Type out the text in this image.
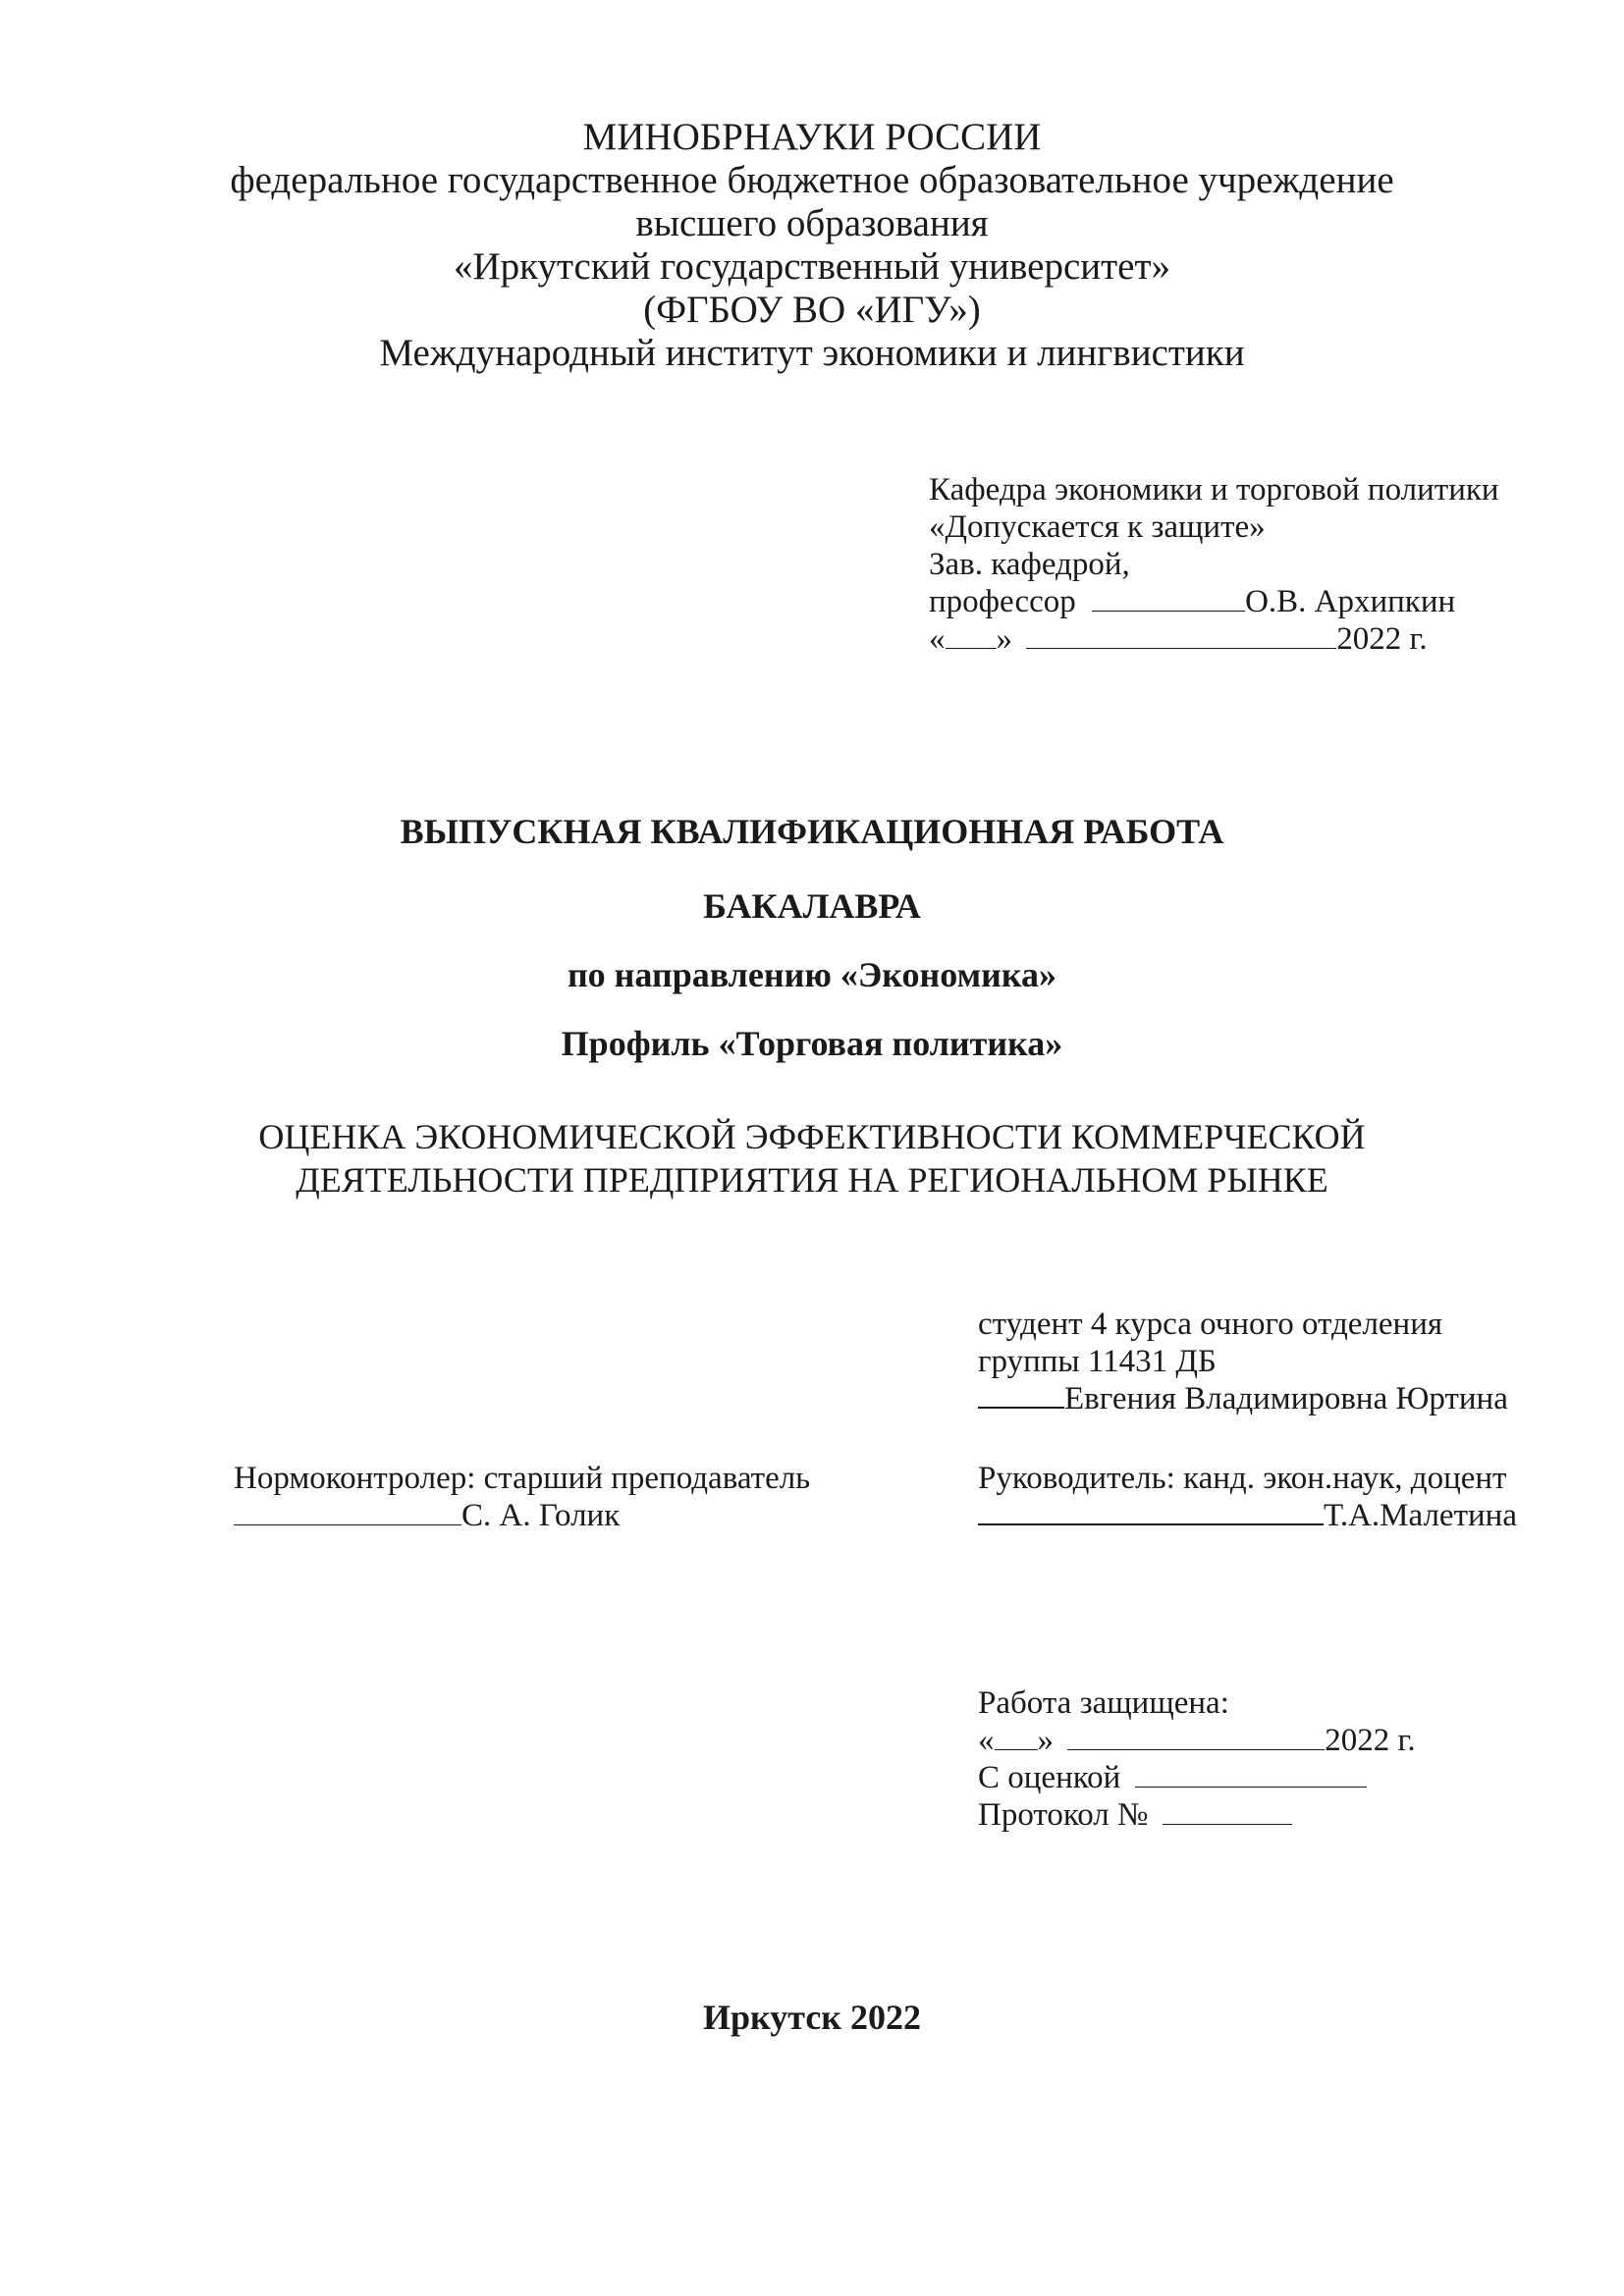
МИНОБРНАУКИ РОССИИ
федеральное государственное бюджетное образовательное учреждение
высшего образования
«Иркутский государственный университет»
(ФГБОУ ВО «ИГУ»)
Международный институт экономики и лингвистики
Кафедра экономики и торговой политики
«Допускается к защите»
Зав. кафедрой,
профессор	О.В. Архипкин
« »	2022 г.
ВЫПУСКНАЯ КВАЛИФИКАЦИОННАЯ РАБОТА
БАКАЛАВРА
по направлению «Экономика»
Профиль «Торговая политика»
ОЦЕНКА ЭКОНОМИЧЕСКОЙ ЭФФЕКТИВНОСТИ КОММЕРЧЕСКОЙ
ДЕЯТЕЛЬНОСТИ ПРЕДПРИЯТИЯ НА РЕГИОНАЛЬНОМ РЫНКЕ
студент 4 курса очного отделения
группы 11431 ДБ
Евгения Владимировна Юртина
Нормоконтролер: старший преподаватель
С. А. Голик
Руководитель: канд. экон.наук, доцент
Т.А.Малетина
Работа защищена:
« »	2022 г.
С оценкой
Протокол №
Иркутск 2022
